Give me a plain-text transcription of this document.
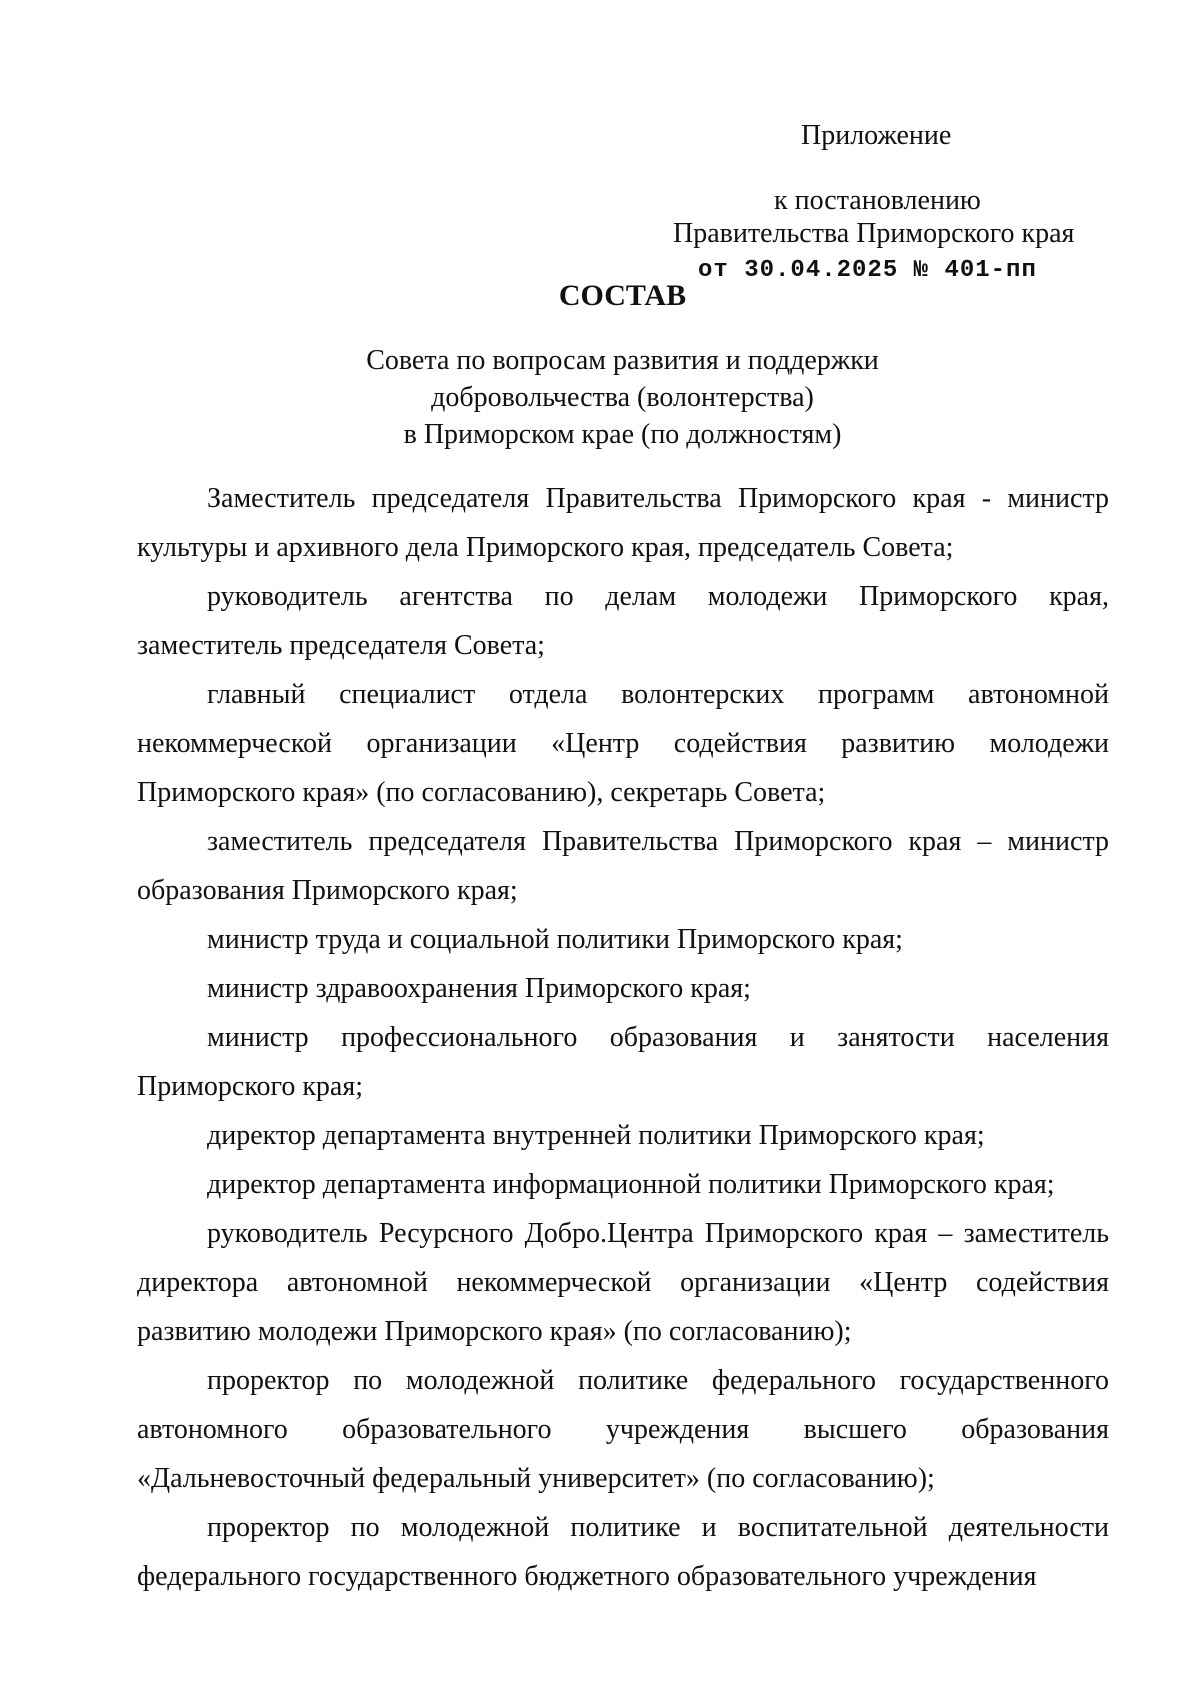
Приложение
к постановлению
Правительства Приморского края
от 30.04.2025 № 401-пп
СОСТАВ
Совета по вопросам развития и поддержки
добровольчества (волонтерства)
в Приморском крае (по должностям)

Заместитель председателя Правительства Приморского края - министр культуры и архивного дела Приморского края, председатель Совета;

руководитель агентства по делам молодежи Приморского края, заместитель председателя Совета;

главный специалист отдела волонтерских программ автономной некоммерческой организации «Центр содействия развитию молодежи Приморского края» (по согласованию), секретарь Совета;

заместитель председателя Правительства Приморского края – министр образования Приморского края;

министр труда и социальной политики Приморского края;

министр здравоохранения Приморского края;

министр профессионального образования и занятости населения Приморского края;

директор департамента внутренней политики Приморского края;

директор департамента информационной политики Приморского края;

руководитель Ресурсного Добро.Центра Приморского края – заместитель директора автономной некоммерческой организации «Центр содействия развитию молодежи Приморского края» (по согласованию);

проректор по молодежной политике федерального государственного автономного образовательного учреждения высшего образования «Дальневосточный федеральный университет» (по согласованию);

проректор по молодежной политике и воспитательной деятельности федерального государственного бюджетного образовательного учреждения
